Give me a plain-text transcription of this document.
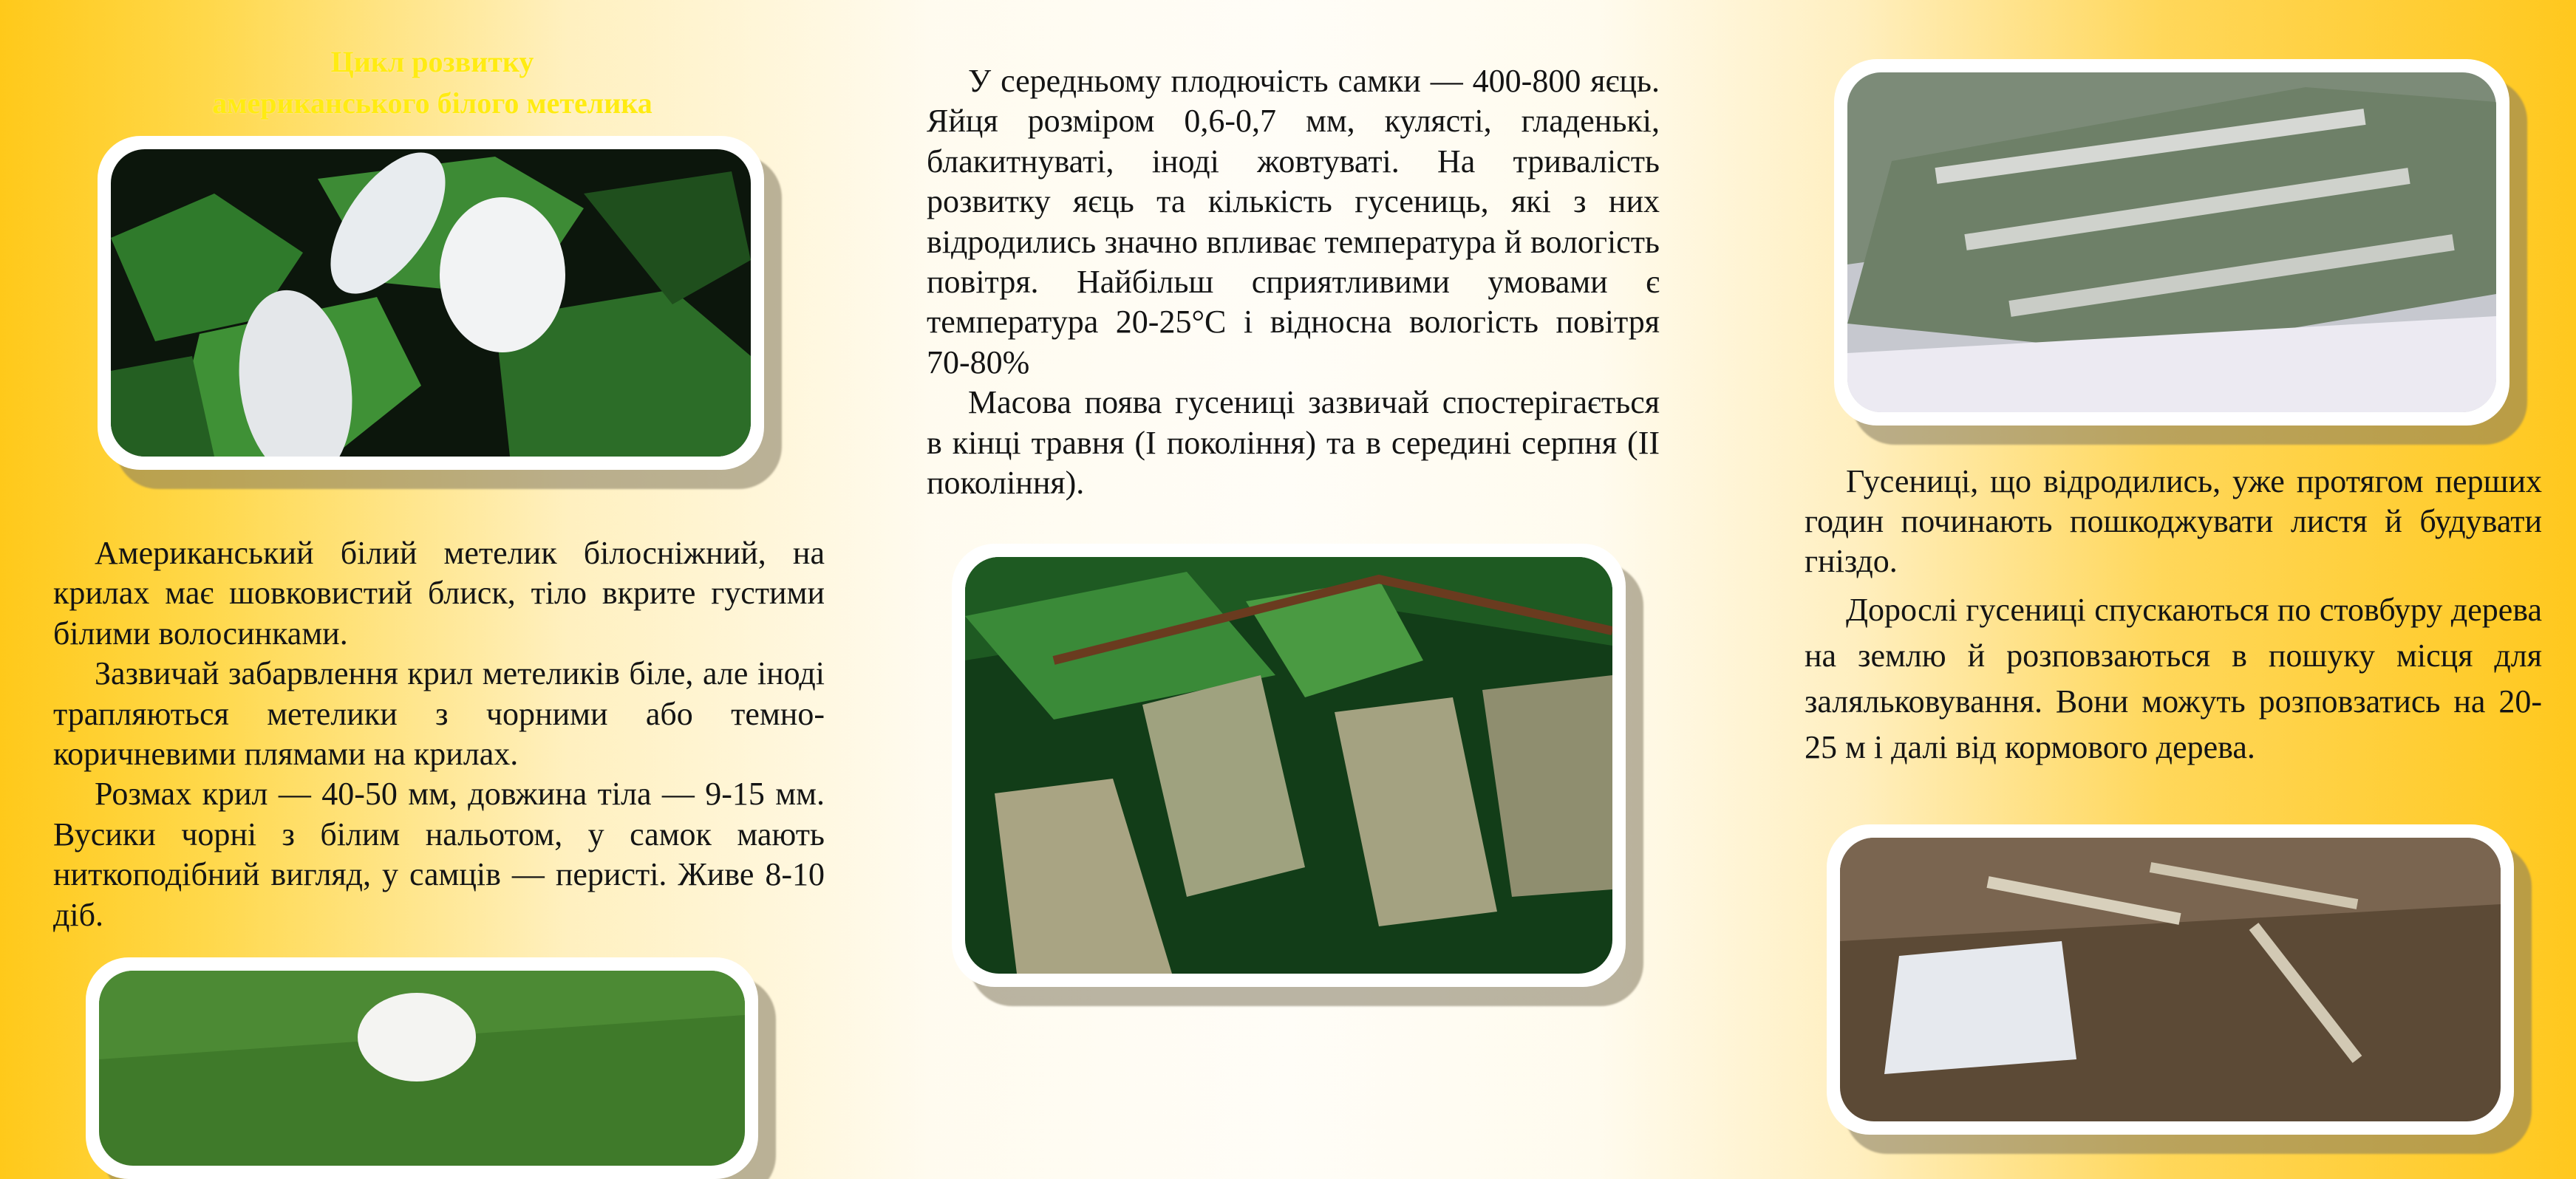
Цикл розвитку
американського білого метелика

Американський білий метелик білосніжний, на крилах має шовковистий блиск, тіло вкрите густими білими волосинками.

Зазвичай забарвлення крил метеликів біле, але іноді трапляються метелики з чорними або темно-коричневими плямами на крилах.

Розмах крил — 40-50 мм, довжина тіла — 9-15 мм. Вусики чорні з білим нальотом, у самок мають ниткоподібний вигляд, у самців — перисті. Живе 8-10 діб.

У середньому плодючість самки — 400-800 яєць. Яйця розміром 0,6-0,7 мм, кулясті, гладенькі, блакитнуваті, іноді жовтуваті. На тривалість розвитку яєць та кількість гусениць, які з них відродились значно впливає температура й вологість повітря. Найбільш сприятливими умовами є температура 20-25°С і відносна вологість повітря 70-80%

Масова поява гусениці зазвичай спостерігається в кінці травня (І покоління) та в середині серпня (ІІ покоління).	Гусениці, що відродились, уже протягом перших годин починають пошкоджувати листя й будувати гніздо.

Дорослі гусениці спускаються по стовбуру дерева на землю й розповзаються в пошуку місця для заляльковування. Вони можуть розповзатись на 20-25 м і далі від кормового дерева.
